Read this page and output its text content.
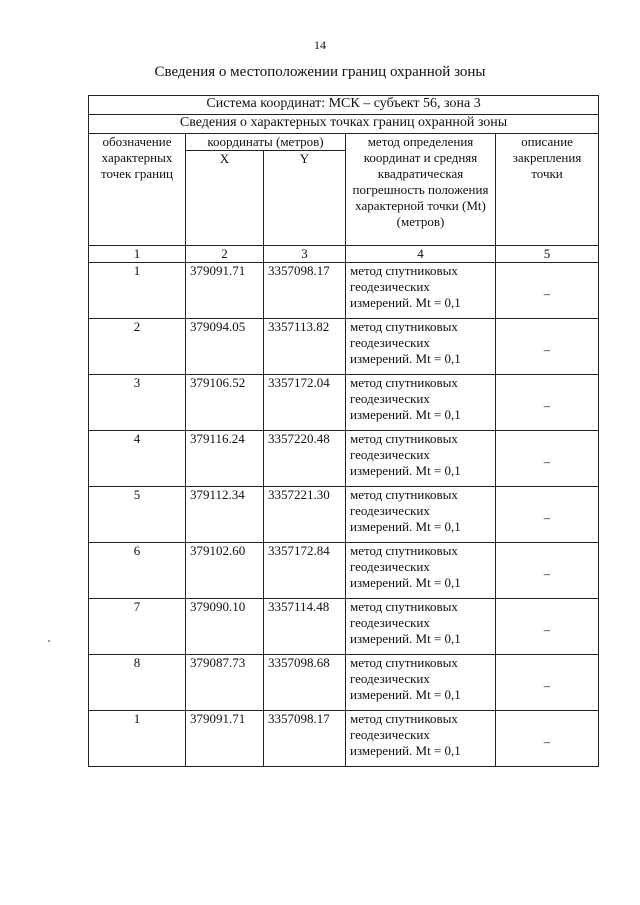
14
Сведения о местоположении границ охранной зоны
Система координат: МСК – субъект 56, зона 3				
Сведения о характерных точках границ охранной зоны				
обозначение характерных точек границ	координаты (метров)		метод определения координат и средняя квадратическая погрешность положения характерной точки (Mt) (метров)	описание закрепления точки
	X	Y		
1	2	3	4	5
1	379091.71	3357098.17	метод спутниковых геодезических измерений. Mt = 0,1	–
2	379094.05	3357113.82	метод спутниковых геодезических измерений. Mt = 0,1	–
3	379106.52	3357172.04	метод спутниковых геодезических измерений. Mt = 0,1	–
4	379116.24	3357220.48	метод спутниковых геодезических измерений. Mt = 0,1	–
5	379112.34	3357221.30	метод спутниковых геодезических измерений. Mt = 0,1	–
6	379102.60	3357172.84	метод спутниковых геодезических измерений. Mt = 0,1	–
7	379090.10	3357114.48	метод спутниковых геодезических измерений. Mt = 0,1	–
8	379087.73	3357098.68	метод спутниковых геодезических измерений. Mt = 0,1	–
1	379091.71	3357098.17	метод спутниковых геодезических измерений. Mt = 0,1	–
